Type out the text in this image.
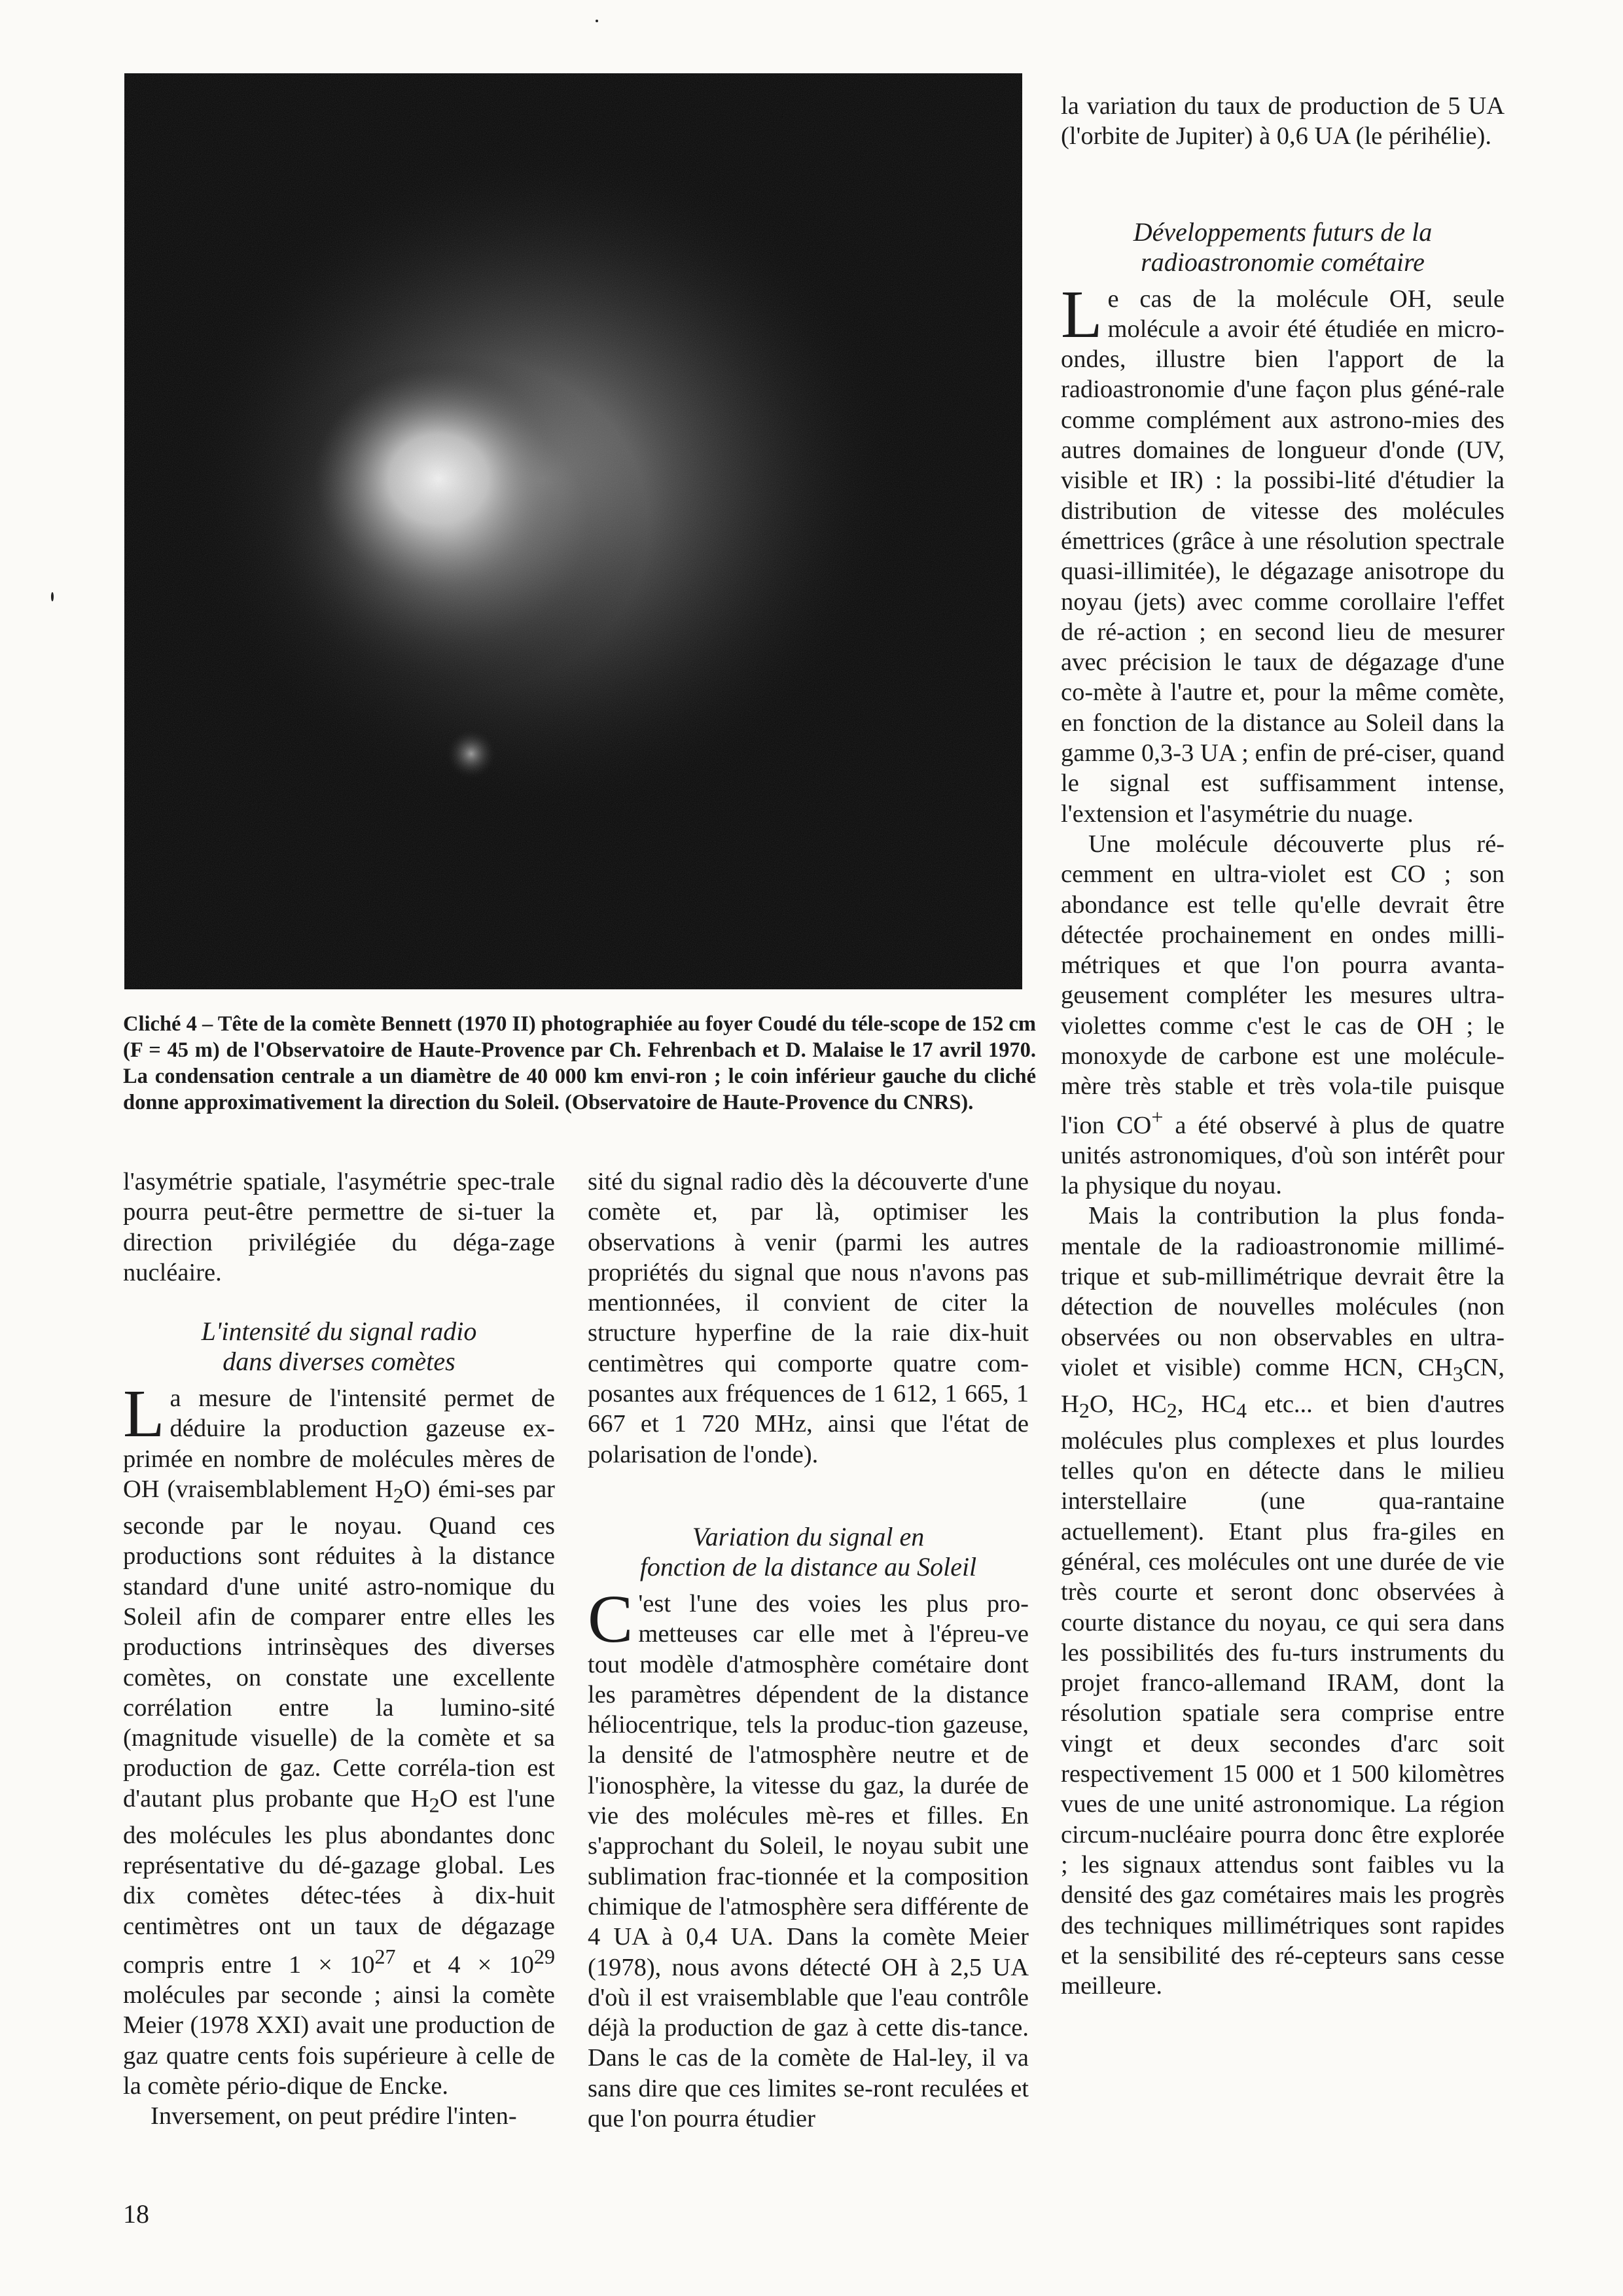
Cliché 4 – Tête de la comète Bennett (1970 II) photographiée au foyer Coudé du téle-scope de 152 cm (F = 45 m) de l'Observatoire de Haute-Provence par Ch. Fehrenbach et D. Malaise le 17 avril 1970. La condensation centrale a un diamètre de 40 000 km envi-ron ; le coin inférieur gauche du cliché donne approximativement la direction du Soleil. (Observatoire de Haute-Provence du CNRS).

l'asymétrie spatiale, l'asymétrie spec-trale pourra peut-être permettre de si-tuer la direction privilégiée du déga-zage nucléaire.

L'intensité du signal radio
dans diverses comètes

La mesure de l'intensité permet de déduire la production gazeuse ex-primée en nombre de molécules mères de OH (vraisemblablement $H_2O$) émi-ses par seconde par le noyau. Quand ces productions sont réduites à la distance standard d'une unité astro-nomique du Soleil afin de comparer entre elles les productions intrinsèques des diverses comètes, on constate une excellente corrélation entre la lumino-sité (magnitude visuelle) de la comète et sa production de gaz. Cette corréla-tion est d'autant plus probante que $H_2O$ est l'une des molécules les plus abondantes donc représentative du dé-gazage global. Les dix comètes détec-tées à dix-huit centimètres ont un taux de dégazage compris entre $1 \times 10^{27}$ et $4 \times 10^{29}$ molécules par seconde ; ainsi la comète Meier (1978 XXI) avait une production de gaz quatre cents fois supérieure à celle de la comète pério-dique de Encke.

Inversement, on peut prédire l'inten-

sité du signal radio dès la découverte d'une comète et, par là, optimiser les observations à venir (parmi les autres propriétés du signal que nous n'avons pas mentionnées, il convient de citer la structure hyperfine de la raie dix-huit centimètres qui comporte quatre com-posantes aux fréquences de 1 612, 1 665, 1 667 et 1 720 MHz, ainsi que l'état de polarisation de l'onde).

Variation du signal en
fonction de la distance au Soleil

C 'est l'une des voies les plus pro-metteuses car elle met à l'épreu-ve tout modèle d'atmosphère cométaire dont les paramètres dépendent de la distance héliocentrique, tels la produc-tion gazeuse, la densité de l'atmosphère neutre et de l'ionosphère, la vitesse du gaz, la durée de vie des molécules mè-res et filles. En s'approchant du Soleil, le noyau subit une sublimation frac-tionnée et la composition chimique de l'atmosphère sera différente de 4 UA à 0,4 UA. Dans la comète Meier (1978), nous avons détecté OH à 2,5 UA d'où il est vraisemblable que l'eau contrôle déjà la production de gaz à cette dis-tance. Dans le cas de la comète de Hal-ley, il va sans dire que ces limites se-ront reculées et que l'on pourra étudier

la variation du taux de production de 5 UA (l'orbite de Jupiter) à 0,6 UA (le périhélie).

Développements futurs de la
radioastronomie cométaire

Le cas de la molécule OH, seule molécule a avoir été étudiée en micro-ondes, illustre bien l'apport de la radioastronomie d'une façon plus géné-rale comme complément aux astrono-mies des autres domaines de longueur d'onde (UV, visible et IR) : la possibi-lité d'étudier la distribution de vitesse des molécules émettrices (grâce à une résolution spectrale quasi-illimitée), le dégazage anisotrope du noyau (jets) avec comme corollaire l'effet de ré-action ; en second lieu de mesurer avec précision le taux de dégazage d'une co-mète à l'autre et, pour la même comète, en fonction de la distance au Soleil dans la gamme 0,3-3 UA ; enfin de pré-ciser, quand le signal est suffisamment intense, l'extension et l'asymétrie du nuage.

Une molécule découverte plus ré-cemment en ultra-violet est CO ; son abondance est telle qu'elle devrait être détectée prochainement en ondes milli-métriques et que l'on pourra avanta-geusement compléter les mesures ultra-violettes comme c'est le cas de OH ; le monoxyde de carbone est une molécule-mère très stable et très vola-tile puisque l'ion CO+ a été observé à plus de quatre unités astronomiques, d'où son intérêt pour la physique du noyau.

Mais la contribution la plus fonda-mentale de la radioastronomie millimé-trique et sub-millimétrique devrait être la détection de nouvelles molécules (non observées ou non observables en ultra-violet et visible) comme HCN, $CH_3CN$, $H_2O$, $HC_2$, $HC_4$ etc... et bien d'autres molécules plus complexes et plus lourdes telles qu'on en détecte dans le milieu interstellaire (une qua-rantaine actuellement). Etant plus fra-giles en général, ces molécules ont une durée de vie très courte et seront donc observées à courte distance du noyau, ce qui sera dans les possibilités des fu-turs instruments du projet franco-allemand IRAM, dont la résolution spatiale sera comprise entre vingt et deux secondes d'arc soit respectivement 15 000 et 1 500 kilomètres vues de une unité astronomique. La région circum-nucléaire pourra donc être explorée ; les signaux attendus sont faibles vu la densité des gaz cométaires mais les progrès des techniques millimétriques sont rapides et la sensibilité des ré-cepteurs sans cesse meilleure.

18
